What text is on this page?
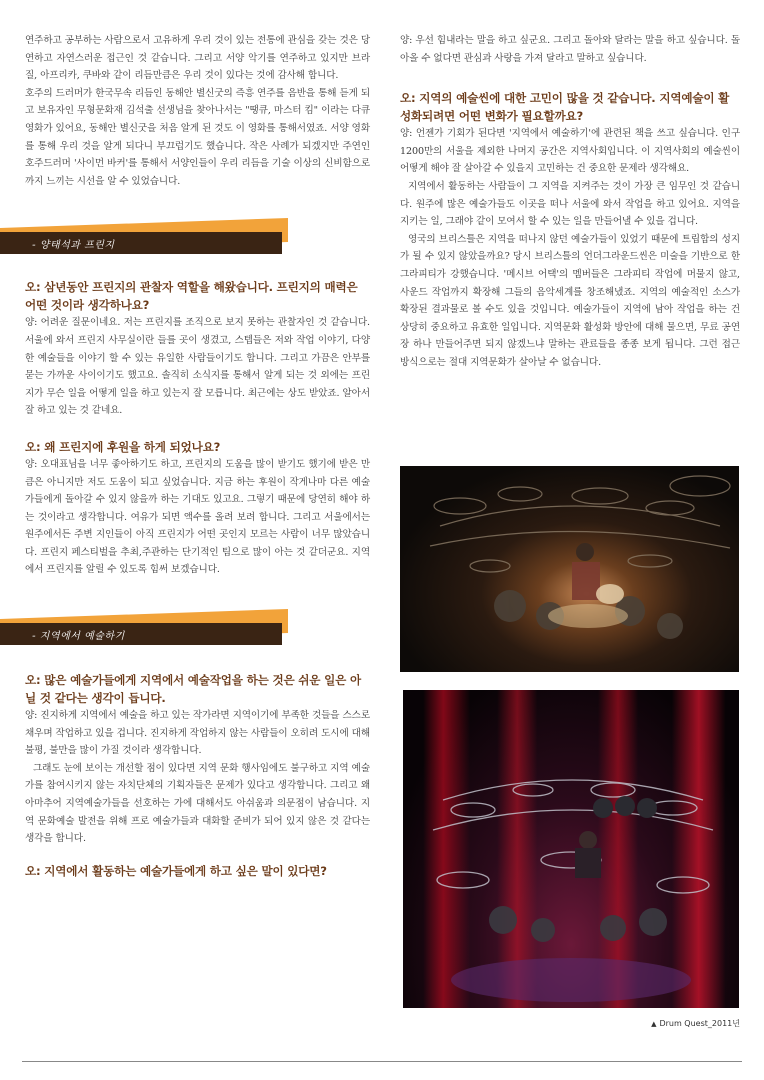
연주하고 공부하는 사람으로서 고유하게 우리 것이 있는 전통에 관심을 갖는 것은 당연하고 자연스러운 접근인 것 같습니다. 그리고 서양 악기를 연주하고 있지만 브라질, 아프리카, 쿠바와 같이 리듬만큼은 우리 것이 있다는 것에 감사해 합니다.

호주의 드러머가 한국무속 리듬인 동해안 별신굿의 즉흥 연주를 음반을 통해 듣게 되고 보유자인 무형문화재 김석출 선생님을 찾아나서는 "땡큐, 마스터 킴" 이라는 다큐 영화가 있어요, 동해안 별신굿을 처음 알게 된 것도 이 영화를 통해서였죠. 서양 영화를 통해 우리 것을 알게 되다니 부끄럽기도 했습니다. 작은 사례가 되겠지만 주연인 호주드러머 '사이먼 바커'를 통해서 서양인들이 우리 리듬을 기술 이상의 신비함으로까지 느끼는 시선을 알 수 있었습니다.

- 양태석과 프린지
오: 삼년동안 프린지의 관찰자 역할을 해왔습니다. 프린지의 매력은 어떤 것이라 생각하나요?

양: 어려운 질문이네요. 저는 프린지를 조직으로 보지 못하는 관찰자인 것 같습니다. 서울에 와서 프린지 사무실이란 들를 곳이 생겼고, 스텝들은 저와 작업 이야기, 다양한 예술들을 이야기 할 수 있는 유일한 사람들이기도 합니다. 그리고 가끔은 안부를 묻는 가까운 사이이기도 했고요. 솔직히 소식지를 통해서 알게 되는 것 외에는 프린지가 무슨 일을 어떻게 일을 하고 있는지 잘 모릅니다. 최근에는 상도 받았죠. 알아서 잘 하고 있는 것 같네요.

오: 왜 프린지에 후원을 하게 되었나요?

양: 오대표님을 너무 좋아하기도 하고, 프린지의 도움을 많이 받기도 했기에 받은 만큼은 아니지만 저도 도움이 되고 싶었습니다. 지금 하는 후원이 작게나마 다른 예술가들에게 돌아갈 수 있지 않을까 하는 기대도 있고요. 그렇기 때문에 당연히 해야 하는 것이라고 생각합니다. 여유가 되면 액수를 올려 보려 합니다. 그리고 서울에서는 원주에서든 주변 지인들이 아직 프린지가 어떤 곳인지 모르는 사람이 너무 많았습니다. 프린지 페스티벌을 추최,주관하는 단기적인 팀으로 많이 아는 것 같더군요. 지역에서 프린지를 알릴 수 있도록 힘써 보겠습니다.

- 지역에서 예술하기
오: 많은 예술가들에게 지역에서 예술작업을 하는 것은 쉬운 일은 아닐 것 같다는 생각이 듭니다.

양: 진지하게 지역에서 예술을 하고 있는 작가라면 지역이기에 부족한 것들을 스스로 채우며 작업하고 있을 겁니다. 진지하게 작업하지 않는 사람들이 오히려 도시에 대해 불평, 불만을 많이 가질 것이라 생각합니다.

그래도 눈에 보이는 개선할 점이 있다면 지역 문화 행사임에도 불구하고 지역 예술가를 참여시키지 않는 자치단체의 기획자들은 문제가 있다고 생각합니다. 그리고 왜 아마추어 지역예술가들을 선호하는 가에 대해서도 아쉬움과 의문점이 남습니다. 지역 문화예술 발전을 위해 프로 예술가들과 대화할 준비가 되어 있지 않은 것 같다는 생각을 합니다.

오: 지역에서 활동하는 예술가들에게 하고 싶은 말이 있다면?

양: 우선 힘내라는 말을 하고 싶군요. 그리고 돌아와 달라는 말을 하고 싶습니다. 돌아올 수 없다면 관심과 사랑을 가져 달라고 말하고 싶습니다.

오: 지역의 예술씬에 대한 고민이 많을 것 같습니다. 지역예술이 활성화되려면 어떤 변화가 필요할까요?

양: 언젠가 기회가 된다면 '지역에서 예술하기'에 관련된 책을 쓰고 싶습니다. 인구 1200만의 서울을 제외한 나머지 공간은 지역사회입니다. 이 지역사회의 예술씬이 어떻게 해야 잘 살아갈 수 있을지 고민하는 건 중요한 문제라 생각해요.

지역에서 활동하는 사람들이 그 지역을 지켜주는 것이 가장 큰 임무인 것 같습니다. 원주에 많은 예술가들도 이곳을 떠나 서울에 와서 작업을 하고 있어요. 지역을 지키는 일, 그래야 같이 모여서 할 수 있는 일을 만들어낼 수 있을 겁니다.

영국의 브리스틀은 지역을 떠나지 않던 예술가들이 있었기 때문에 트립합의 성지가 될 수 있지 않았을까요? 당시 브리스틀의 언더그라운드씬은 미술을 기반으로 한 그라피티가 강했습니다. '메시브 어택'의 멤버들은 그라피티 작업에 머물지 않고, 사운드 작업까지 확장해 그들의 음악세계를 창조해냈죠. 지역의 예술적인 소스가 확장된 결과물로 볼 수도 있을 것입니다. 예술가들이 지역에 남아 작업을 하는 건 상당히 중요하고 유효한 일입니다. 지역문화 활성화 방안에 대해 물으면, 무료 공연장 하나 만들어주면 되지 않겠느냐 말하는 관료들을 종종 보게 됩니다. 그런 접근 방식으로는 절대 지역문화가 살아날 수 없습니다.

▲ Drum Quest_2011년
